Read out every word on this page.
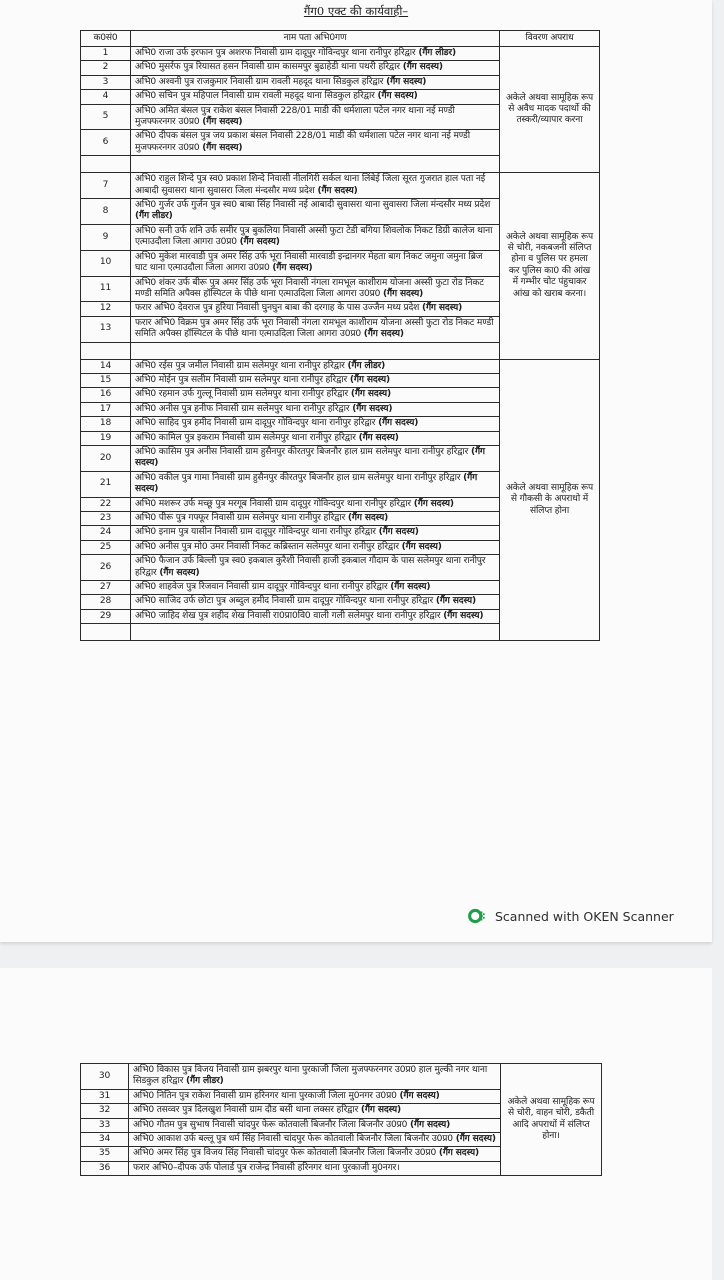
गैंग0 एक्ट की कार्यवाही–
क0सं0	नाम पता अभि0गण	विवरण अपराध
1	अभि0 राजा उर्फ इरफान पुत्र अशरफ निवासी ग्राम दादूपुर गोविन्दपुर थाना रानीपुर हरिद्वार (गैंग लीडर)	अकेले अथवा सामूहिक रूप से अवैध मादक पदार्थो की तस्करी/व्यापार करना
2	अभि0 मुसर्रफ पुत्र रियासत हसन निवासी ग्राम कासमपुर बुढाहेडी थाना पथरी हरिद्वार (गैंग सदस्य)	
3	अभि0 अश्वनी पुत्र राजकुमार निवासी ग्राम रावली महदूद थाना सिडकुल हरिद्वार (गैंग सदस्य)	
4	अभि0 सचिन पुत्र महिपाल निवासी ग्राम रावली महदूद थाना सिडकुल हरिद्वार (गैंग सदस्य)	
5	अभि0 अमित बंसल पुत्र राकेश बंसल निवासी 228/01 माडी की धर्मशाला पटेल नगर थाना नई मण्डी मुजफ्फरनगर उ0प्र0 (गैंग सदस्य)	
6	अभि0 दीपक बंसल पुत्र जय प्रकाश बंसल निवासी 228/01 माडी की धर्मशाला पटेल नगर थाना नई मण्डी मुजफ्फरनगर उ0प्र0 (गैंग सदस्य)	

7	अभि0 राहुल शिन्दे पुत्र स्व0 प्रकाश शिन्दे निवासी नीलगिरी सर्कल थाना लिंबेई जिला सूरत गुजरात हाल पता नई आबादी सुवासरा थाना सुवासरा जिला मंन्दसौर मध्य प्रदेश (गैंग सदस्य)	अकेले अथवा सामूहिक रूप से चोरी, नकबजनी संलिप्त होना व पुलिस पर हमला कर पुलिस का0 की आंख में गम्भीर चोट पंहुचाकर आंख को खराब करना।
8	अभि0 गुर्जर उर्फ गुर्जन पुत्र स्व0 बाबा सिंह निवासी नई आबादी सुवासरा थाना सुवासरा जिला मंन्दसौर मध्य प्रदेश (गैंग लीडर)	
9	अभि0 सनी उर्फ शनि उर्फ समीर पुत्र बुकलिया निवासी अस्सी फुटा टेडी बगिया शिवलोक निकट डिग्री कालेज थाना एत्माउदौला जिला आगरा उ0प्र0 (गैंग सदस्य)	
10	अभि0 मुकेश मारवाडी पुत्र अमर सिंह उर्फ भूरा निवासी मारवाडी इन्द्रानगर मेहता बाग निकट जमुना जमुना ब्रिज घाट थाना एत्माउदौला जिला आगरा उ0प्र0 (गैंग सदस्य)	
11	अभि0 शंकर उर्फ बीरू पुत्र अमर सिंह उर्फ भूरा निवासी नंगला रामभूल काशीराम योजना अस्सी फुटा रोड निकट मण्डी समिति अपैक्स हॉस्पिटल के पीछे थाना एत्माउदिला जिला आगरा उ0प्र0 (गैंग सदस्य)	
12	फरार अभि0 देवराज पुत्र हुरिया निवासी घुनघुन बाबा की दरगाह के पास उज्जैन मध्य प्रदेश (गैंग सदस्य)	
13	फरार अभि0 विक्रम पुत्र अमर सिंह उर्फ भूरा निवासी नंगला रामभूल काशीराम योजना अस्सी फुटा रोड निकट मण्डी समिति अपैक्स हॉस्पिटल के पीछे थाना एत्माउदिला जिला आगरा उ0प्र0 (गैंग सदस्य)	

14	अभि0 रईस पुत्र जमील निवासी ग्राम सलेमपुर थाना रानीपुर हरिद्वार (गैंग लीडर)	अकेले अथवा सामूहिक रूप से गौकसी के अपराधो में संलिप्त होना
15	अभि0 मोईन पुत्र सलीम निवासी ग्राम सलेमपुर थाना रानीपुर हरिद्वार (गैंग सदस्य)	
16	अभि0 रहमान उर्फ गुल्लू निवासी ग्राम सलेमपुर थाना रानीपुर हरिद्वार (गैंग सदस्य)	
17	अभि0 अनीस पुत्र हनीफ निवासी ग्राम सलेमपुर थाना रानीपुर हरिद्वार (गैंग सदस्य)	
18	अभि0 साहिद पुत्र हमीद निवासी ग्राम दादूपुर गोविन्दपुर थाना रानीपुर हरिद्वार (गैंग सदस्य)	
19	अभि0 कामिल पुत्र इकराम निवासी ग्राम सलेमपुर थाना रानीपुर हरिद्वार (गैंग सदस्य)	
20	अभि0 कासिम पुत्र अनीस निवासी ग्राम हुसैनपुर कीरतपुर बिजनौर हाल ग्राम सलेमपुर थाना रानीपुर हरिद्वार (गैंग सदस्य)	
21	अभि0 वकील पुत्र गामा निवासी ग्राम हुसैनपुर कीरतपुर बिजनौर हाल ग्राम सलेमपुर थाना रानीपुर हरिद्वार (गैंग सदस्य)	
22	अभि0 मशरूर उर्फ मच्छू पुत्र मरगूब निवासी ग्राम दादूपुर गोविन्दपुर थाना रानीपुर हरिद्वार (गैंग सदस्य)	
23	अभि0 पीरू पुत्र गफ्फूर निवासी ग्राम सलेमपुर थाना रानीपुर हरिद्वार (गैंग सदस्य)	
24	अभि0 इनाम पुत्र यासीन निवासी ग्राम दादूपुर गोविन्दपुर थाना रानीपुर हरिद्वार (गैंग सदस्य)	
25	अभि0 अनीस पुत्र मो0 उमर निवासी निकट कब्रिस्तान सलेमपुर थाना रानीपुर हरिद्वार (गैंग सदस्य)	
26	अभि0 फैजान उर्फ बिल्ली पुत्र स्व0 इकबाल कुरैशी निवासी हाजी इकबाल गौदाम के पास सलेमपुर थाना रानीपुर हरिद्वार (गैंग सदस्य)	
27	अभि0 शाहवेज पुत्र रिजवान निवासी ग्राम दादूपुर गोविन्दपुर थाना रानीपुर हरिद्वार (गैंग सदस्य)	
28	अभि0 साजिद उर्फ छोटा पुत्र अब्दुल हमीद निवासी ग्राम दादूपुर गोविन्दपुर थाना रानीपुर हरिद्वार (गैंग सदस्य)	
29	अभि0 जाहिद शेख पुत्र शहीद शेख निवासी रा0प्रा0वि0 वाली गली सलेमपुर थाना रानीपुर हरिद्वार (गैंग सदस्य)	

Scanned with OKEN Scanner
30	अभि0 विकास पुत्र विजय निवासी ग्राम झबरपुर थाना पुरकाजी जिला मुजफ्फरनगर उ0प्र0 हाल मुल्की नगर थाना सिडकुल हरिद्वार (गैंग लीडर)	अकेले अथवा सामूहिक रूप से चोरी, वाहन चोरी, डकैती आदि अपराधों में संलिप्त होना।
31	अभि0 नितिन पुत्र राकेश निवासी ग्राम हरिनगर थाना पुरकाजी जिला मु0नगर उ0प्र0 (गैंग सदस्य)	
32	अभि0 तसव्वर पुत्र दिलखुश निवासी ग्राम दौड बसी थाना लक्सर हरिद्वार (गैंग सदस्य)	
33	अभि0 गौतम पुत्र सुभाष निवासी चांदपुर फेरू कोतवाली बिजनौर जिला बिजनौर उ0प्र0 (गैंग सदस्य)	
34	अभि0 आकाश उर्फ बल्लू पुत्र धर्म सिंह निवासी चांदपुर फेरू कोतवाली बिजनौर जिला बिजनौर उ0प्र0 (गैंग सदस्य)	
35	अभि0 अमर सिंह पुत्र विजय सिंह निवासी चांदपुर फेरू कोतवाली बिजनौर जिला बिजनौर उ0प्र0 (गैंग सदस्य)	
36	फरार अभि0–दीपक उर्फ पोलार्ड पुत्र राजेन्द्र निवासी हरिनगर थाना पुरकाजी मु0नगर।	
